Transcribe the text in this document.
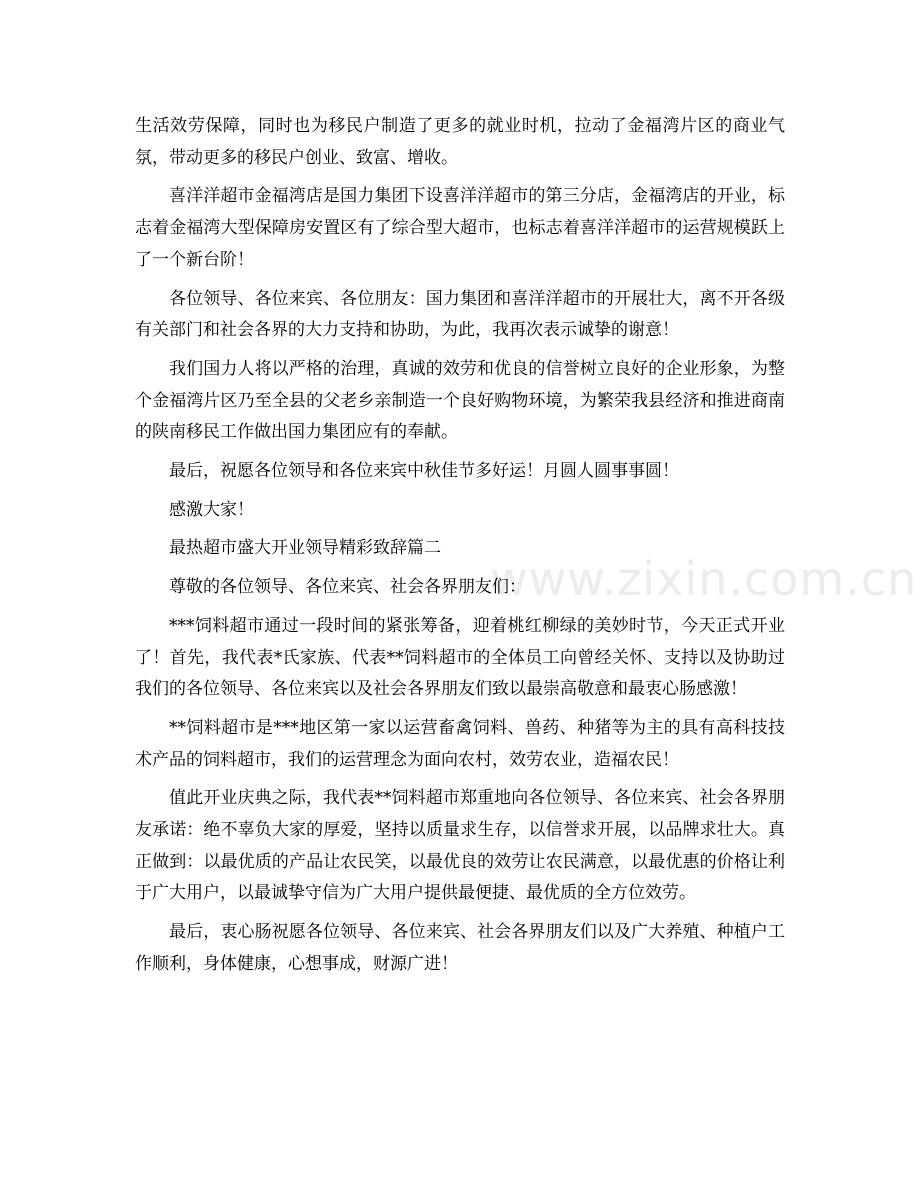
www.zixin.com.cn

生活效劳保障，同时也为移民户制造了更多的就业时机，拉动了金福湾片区的商业气氛，带动更多的移民户创业、致富、增收。

喜洋洋超市金福湾店是国力集团下设喜洋洋超市的第三分店，金福湾店的开业，标志着金福湾大型保障房安置区有了综合型大超市，也标志着喜洋洋超市的运营规模跃上了一个新台阶！

各位领导、各位来宾、各位朋友：国力集团和喜洋洋超市的开展壮大，离不开各级有关部门和社会各界的大力支持和协助，为此，我再次表示诚挚的谢意！

我们国力人将以严格的治理，真诚的效劳和优良的信誉树立良好的企业形象，为整个金福湾片区乃至全县的父老乡亲制造一个良好购物环境，为繁荣我县经济和推进商南的陕南移民工作做出国力集团应有的奉献。

最后，祝愿各位领导和各位来宾中秋佳节多好运！月圆人圆事事圆！

感激大家！

最热超市盛大开业领导精彩致辞篇二

尊敬的各位领导、各位来宾、社会各界朋友们：

***饲料超市通过一段时间的紧张筹备，迎着桃红柳绿的美妙时节，今天正式开业了！首先，我代表*氏家族、代表**饲料超市的全体员工向曾经关怀、支持以及协助过我们的各位领导、各位来宾以及社会各界朋友们致以最崇高敬意和最衷心肠感激！

**饲料超市是***地区第一家以运营畜禽饲料、兽药、种猪等为主的具有高科技技术产品的饲料超市，我们的运营理念为面向农村，效劳农业，造福农民！

值此开业庆典之际，我代表**饲料超市郑重地向各位领导、各位来宾、社会各界朋友承诺：绝不辜负大家的厚爱，坚持以质量求生存，以信誉求开展，以品牌求壮大。真正做到：以最优质的产品让农民笑，以最优良的效劳让农民满意，以最优惠的价格让利于广大用户，以最诚挚守信为广大用户提供最便捷、最优质的全方位效劳。

最后，衷心肠祝愿各位领导、各位来宾、社会各界朋友们以及广大养殖、种植户工作顺利，身体健康，心想事成，财源广进！
